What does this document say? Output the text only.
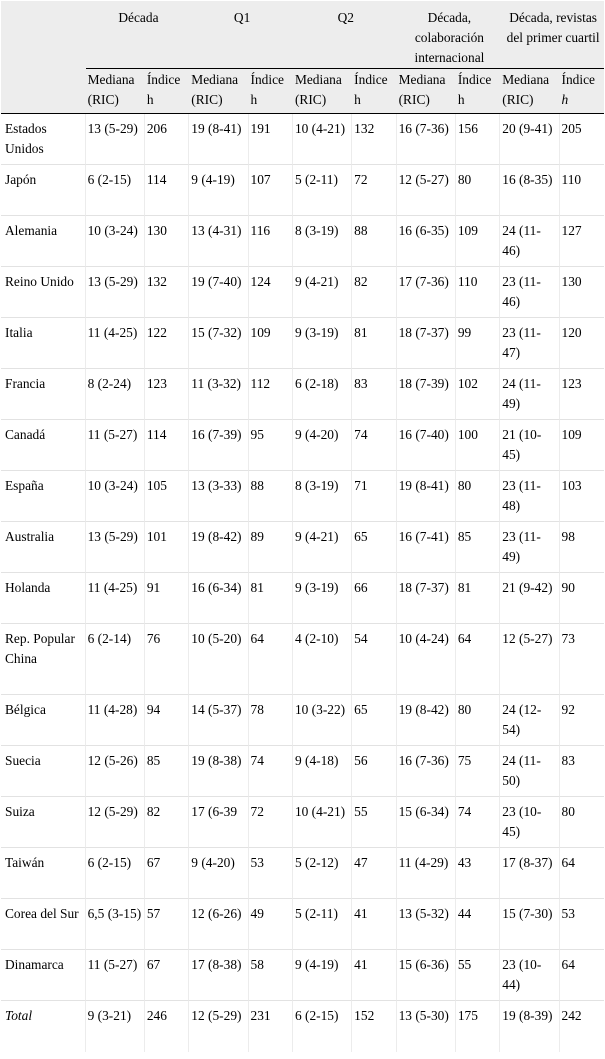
	Década		Q1		Q2		Década, colaboración internacional		Década, revistas del primer cuartil	

	Mediana (RIC)	Índice h	Mediana (RIC)	Índice h	Mediana (RIC)	Índice h	Mediana (RIC)	Índice h	Mediana (RIC)	Índice h
Estados Unidos	13 (5-29)	206	19 (8-41)	191	10 (4-21)	132	16 (7-36)	156	20 (9-41)	205
Japón	6 (2-15)	114	9 (4-19)	107	5 (2-11)	72	12 (5-27)	80	16 (8-35)	110
Alemania	10 (3-24)	130	13 (4-31)	116	8 (3-19)	88	16 (6-35)	109	24 (11-46)	127
Reino Unido	13 (5-29)	132	19 (7-40)	124	9 (4-21)	82	17 (7-36)	110	23 (11-46)	130
Italia	11 (4-25)	122	15 (7-32)	109	9 (3-19)	81	18 (7-37)	99	23 (11-47)	120
Francia	8 (2-24)	123	11 (3-32)	112	6 (2-18)	83	18 (7-39)	102	24 (11-49)	123
Canadá	11 (5-27)	114	16 (7-39)	95	9 (4-20)	74	16 (7-40)	100	21 (10-45)	109
España	10 (3-24)	105	13 (3-33)	88	8 (3-19)	71	19 (8-41)	80	23 (11-48)	103
Australia	13 (5-29)	101	19 (8-42)	89	9 (4-21)	65	16 (7-41)	85	23 (11-49)	98
Holanda	11 (4-25)	91	16 (6-34)	81	9 (3-19)	66	18 (7-37)	81	21 (9-42)	90
Rep. Popular China	6 (2-14)	76	10 (5-20)	64	4 (2-10)	54	10 (4-24)	64	12 (5-27)	73
Bélgica	11 (4-28)	94	14 (5-37)	78	10 (3-22)	65	19 (8-42)	80	24 (12-54)	92
Suecia	12 (5-26)	85	19 (8-38)	74	9 (4-18)	56	16 (7-36)	75	24 (11-50)	83
Suiza	12 (5-29)	82	17 (6-39	72	10 (4-21)	55	15 (6-34)	74	23 (10-45)	80
Taiwán	6 (2-15)	67	9 (4-20)	53	5 (2-12)	47	11 (4-29)	43	17 (8-37)	64
Corea del Sur	6,5 (3-15)	57	12 (6-26)	49	5 (2-11)	41	13 (5-32)	44	15 (7-30)	53
Dinamarca	11 (5-27)	67	17 (8-38)	58	9 (4-19)	41	15 (6-36)	55	23 (10-44)	64
Total	9 (3-21)	246	12 (5-29)	231	6 (2-15)	152	13 (5-30)	175	19 (8-39)	242
